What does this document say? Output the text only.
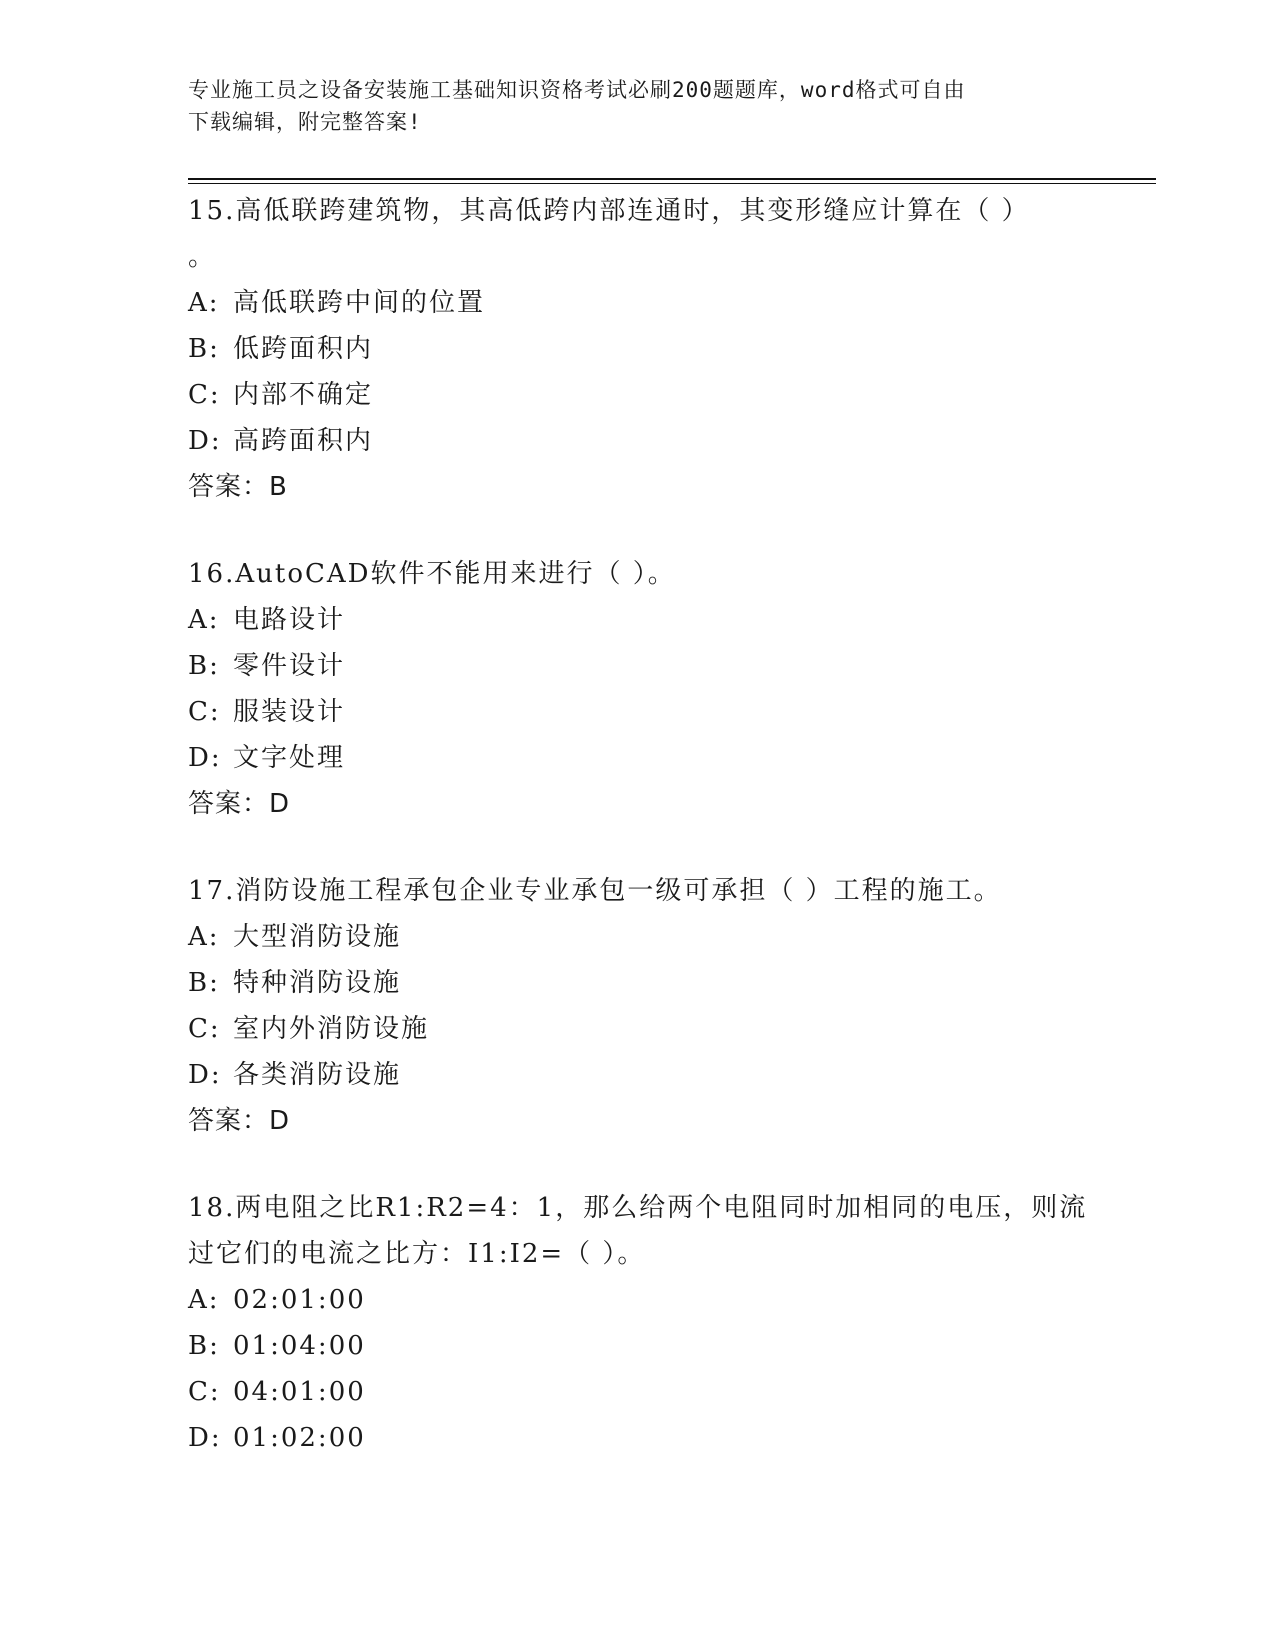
专业施工员之设备安装施工基础知识资格考试必刷200题题库，word格式可自由
下载编辑，附完整答案!
15.高低联跨建筑物，其高低跨内部连通时，其变形缝应计算在（ ）
。
A: 高低联跨中间的位置
B: 低跨面积内
C: 内部不确定
D: 高跨面积内
答案：B
16.AutoCAD软件不能用来进行（ ）。
A: 电路设计
B: 零件设计
C: 服装设计
D: 文字处理
答案：D
17.消防设施工程承包企业专业承包一级可承担（ ）工程的施工。
A: 大型消防设施
B: 特种消防设施
C: 室内外消防设施
D: 各类消防设施
答案：D
18.两电阻之比R1:R2=4：1，那么给两个电阻同时加相同的电压，则流
过它们的电流之比方：I1:I2=（ ）。
A: 02:01:00
B: 01:04:00
C: 04:01:00
D: 01:02:00
